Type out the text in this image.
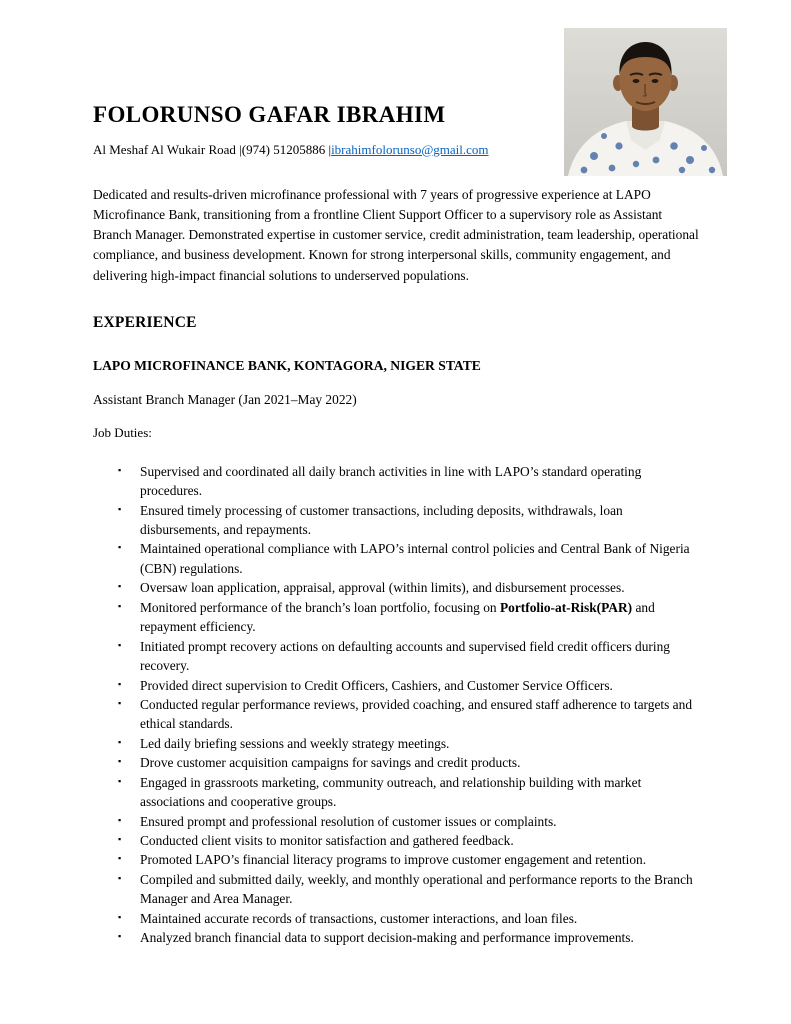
FOLORUNSO GAFAR IBRAHIM

Al Meshaf Al Wukair Road |(974) 51205886 |ibrahimfolorunso@gmail.com

Dedicated and results-driven microfinance professional with 7 years of progressive experience at LAPO Microfinance Bank, transitioning from a frontline Client Support Officer to a supervisory role as Assistant Branch Manager. Demonstrated expertise in customer service, credit administration, team leadership, operational compliance, and business development. Known for strong interpersonal skills, community engagement, and delivering high-impact financial solutions to underserved populations.

EXPERIENCE
LAPO MICROFINANCE BANK, KONTAGORA, NIGER STATE

Assistant Branch Manager (Jan 2021–May 2022)

Job Duties:

▪ Supervised and coordinated all daily branch activities in line with LAPO’s standard operating procedures.
▪ Ensured timely processing of customer transactions, including deposits, withdrawals, loan disbursements, and repayments.
▪ Maintained operational compliance with LAPO’s internal control policies and Central Bank of Nigeria (CBN) regulations.
▪ Oversaw loan application, appraisal, approval (within limits), and disbursement processes.
▪ Monitored performance of the branch’s loan portfolio, focusing on Portfolio-at-Risk(PAR) and repayment efficiency.
▪ Initiated prompt recovery actions on defaulting accounts and supervised field credit officers during recovery.
▪ Provided direct supervision to Credit Officers, Cashiers, and Customer Service Officers.
▪ Conducted regular performance reviews, provided coaching, and ensured staff adherence to targets and ethical standards.
▪ Led daily briefing sessions and weekly strategy meetings.
▪ Drove customer acquisition campaigns for savings and credit products.
▪ Engaged in grassroots marketing, community outreach, and relationship building with market associations and cooperative groups.
▪ Ensured prompt and professional resolution of customer issues or complaints.
▪ Conducted client visits to monitor satisfaction and gathered feedback.
▪ Promoted LAPO’s financial literacy programs to improve customer engagement and retention.
▪ Compiled and submitted daily, weekly, and monthly operational and performance reports to the Branch Manager and Area Manager.
▪ Maintained accurate records of transactions, customer interactions, and loan files.
▪ Analyzed branch financial data to support decision-making and performance improvements.
